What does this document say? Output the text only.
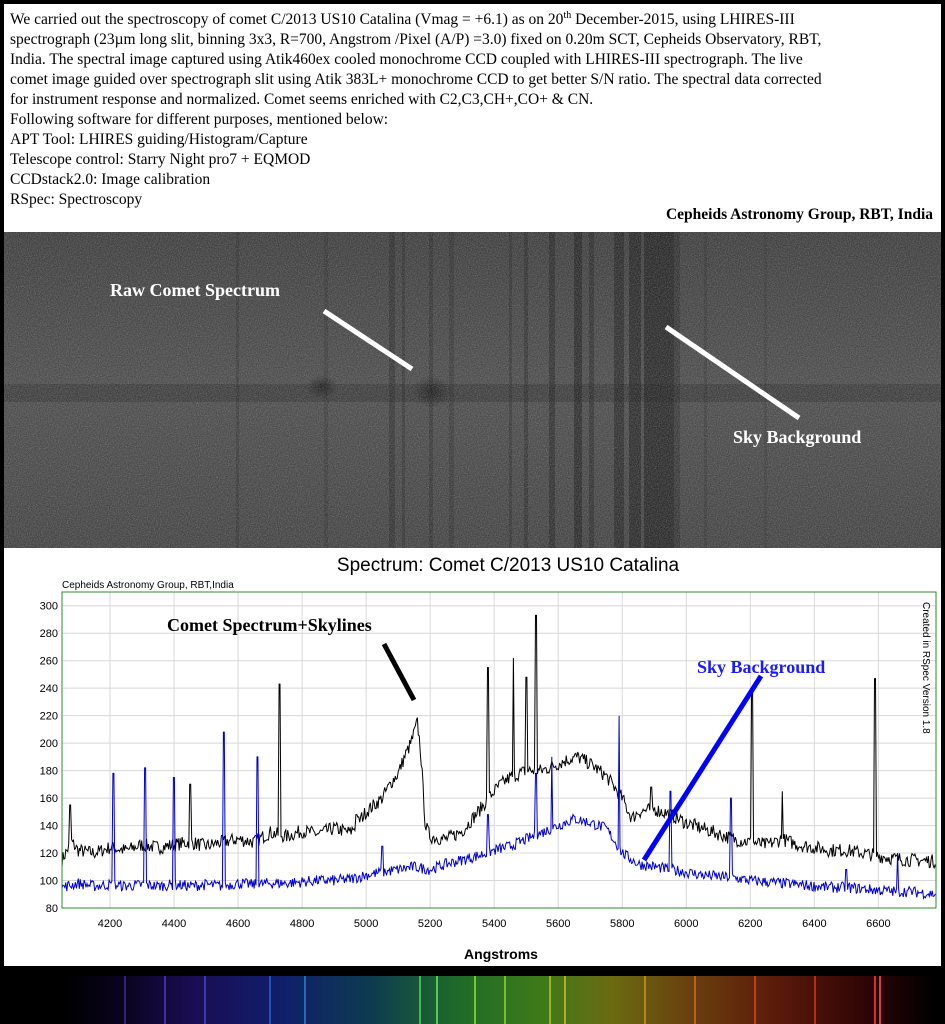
We carried out the spectroscopy of comet C/2013 US10 Catalina (Vmag = +6.1) as on 20th December-2015, using LHIRES-III
spectrograph (23µm long slit, binning 3x3, R=700, Angstrom /Pixel (A/P) =3.0) fixed on 0.20m SCT, Cepheids Observatory, RBT,
India. The spectral image captured using Atik460ex cooled monochrome CCD coupled with LHIRES-III spectrograph. The live
comet image guided over spectrograph slit using Atik 383L+ monochrome CCD to get better S/N ratio. The spectral data corrected
for instrument response and normalized. Comet seems enriched with C2,C3,CH+,CO+ & CN.
Following software for different purposes, mentioned below:
APT Tool: LHIRES guiding/Histogram/Capture
Telescope control: Starry Night pro7 + EQMOD
CCDstack2.0: Image calibration
RSpec: Spectroscopy
Cepheids Astronomy Group, RBT, India
Raw Comet Spectrum
Sky Background
Spectrum: Comet C/2013 US10 Catalina
Cepheids Astronomy Group, RBT,India
4200	4400	4600	4800	5000	5200	5400	5600	5800	6000	6200	6400	6600
80
100
120
140
160
180
200
220
240
260
280
300
Angstroms
Created in RSpec Version 1.8
Comet Spectrum+Skylines
Sky Background
